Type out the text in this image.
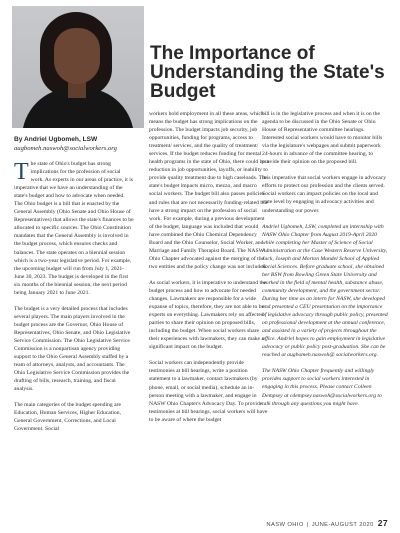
The Importance of Understanding the State's Budget
By Andriel Ugbomeh, LSW
augbomeh.naswoh@socialworkers.org

The state of Ohio's budget has strong implications for the profession of social work. As experts in our areas of practice, it is imperative that we have an understanding of the state's budget and how to advocate when needed. The Ohio budget is a bill that is enacted by the General Assembly (Ohio Senate and Ohio House of Representatives) that allows the state's finances to be allocated to specific sources. The Ohio Constitution mandates that the General Assembly is involved in the budget process, which ensures checks and balances. The state operates on a biennial session which is a two-year legislative period. For example, the upcoming budget will run from July 1, 2021-June 30, 2023. The budget is developed in the first six months of the biennial session, the next period being January 2021 to June 2021.

The budget is a very detailed process that includes several players. The main players involved in the budget process are the Governor, Ohio House of Representatives, Ohio Senate, and Ohio Legislative Service Commission. The Ohio Legislative Service Commission is a nonpartisan agency providing support to the Ohio General Assembly staffed by a team of attorneys, analysts, and accountants. The Ohio Legislative Service Commission provides the drafting of bills, research, training, and fiscal analysis.

The main categories of the budget spending are Education, Human Services, Higher Education, General Government, Corrections, and Local Government. Social

workers hold employment in all these areas, which means the budget has strong implications on the profession. The budget impacts job security, job opportunities, funding for programs, access to treatment/ services, and the quality of treatment/ services. If the budget reduces funding for mental health programs in the state of Ohio, there could be a reduction in job opportunities, layoffs, or inability to provide quality treatment due to high caseloads. The state's budget impacts micro, mezzo, and macro social workers. The budget bill also passes policies and rules that are not necessarily funding-related but have a strong impact on the profession of social work. For example, during a previous development of the budget, language was included that would have combined the Ohio Chemical Dependency Board and the Ohio Counselor, Social Worker, and Marriage and Family Therapist Board. The NASW Ohio Chapter advocated against the merging of the two entities and the policy change was not included.

As social workers, it is imperative to understand the budget process and how to advocate for needed changes. Lawmakers are responsible for a wide expanse of topics, therefore, they are not able to be experts on everything. Lawmakers rely on affected parties to share their opinion on proposed bills, including the budget. When social workers share their experiences with lawmakers, they can make a significant impact on the budget.

Social workers can independently provide testimonies at bill hearings, write a position statement to a lawmaker, contact lawmakers (by phone, email, or social media), schedule an in-person meeting with a lawmaker, and engage in NASW Ohio Chapter's Advocacy Day. To provide testimonies at bill hearings, social workers will have to be aware of where the budget

bill is in the legislative process and when it is on the agenda to be discussed in the Ohio Senate or Ohio House of Representative committee hearings. Interested social workers would have to monitor bills via the legislature's webpages and submit paperwork 24-hours in advance of the committee hearing, to provide their opinion on the proposed bill.

It is imperative that social workers engage in advocacy efforts to protect our profession and the clients served. Social workers can impact policies on the local and state level by engaging in advocacy activities and understanding our power.

Andriel Ugbomeh, LSW, completed an internship with NASW Ohio Chapter from August 2019-April 2020 while completing her Master of Science of Social Administration at the Case Western Reserve University, Jack, Joseph and Morton Mandel School of Applied Social Sciences. Before graduate school, she obtained her BSW from Bowling Green State University and worked in the field of mental health, substance abuse, community development, and the government sector. During her time as an intern for NASW, she developed and presented a CEU presentation on the importance of legislative advocacy through public policy, presented on professional development at the annual conference, and assisted in a variety of projects throughout the office. Andriel hopes to gain employment in legislative advocacy or public policy post-graduation. She can be reached at augbomeh.naswoh@ socialworkers.org.

The NASW Ohio Chapter frequently and willingly provides support to social workers interested in engaging in this process. Please contact Colleen Dempsey at cdempsey.naswoh@socialworkers.org to talk through any questions you might have.

NASW OHIO | JUNE-AUGUST 2020 27
